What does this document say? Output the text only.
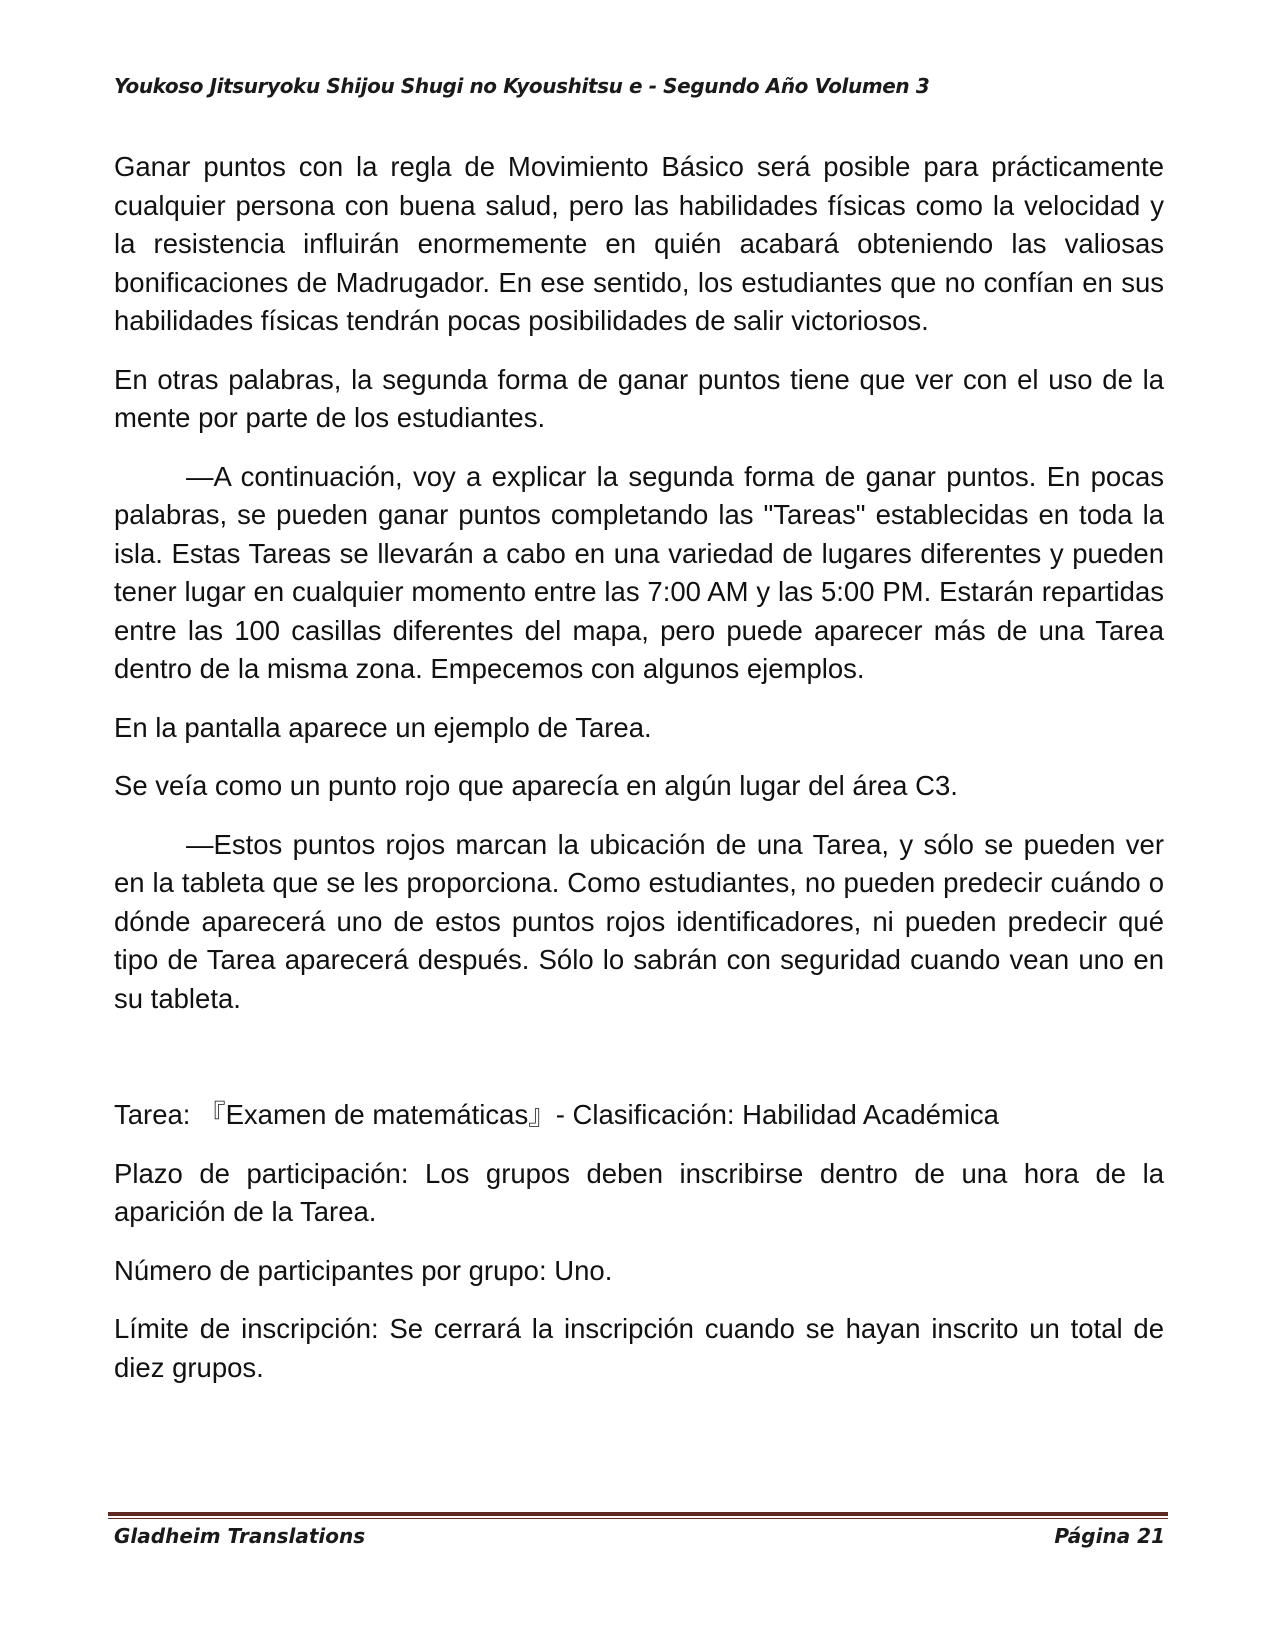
Youkoso Jitsuryoku Shijou Shugi no Kyoushitsu e - Segundo Año Volumen 3

Ganar puntos con la regla de Movimiento Básico será posible para prácticamente cualquier persona con buena salud, pero las habilidades físicas como la velocidad y la resistencia influirán enormemente en quién acabará obteniendo las valiosas bonificaciones de Madrugador. En ese sentido, los estudiantes que no confían en sus habilidades físicas tendrán pocas posibilidades de salir victoriosos.

En otras palabras, la segunda forma de ganar puntos tiene que ver con el uso de la mente por parte de los estudiantes.

—A continuación, voy a explicar la segunda forma de ganar puntos. En pocas palabras, se pueden ganar puntos completando las "Tareas" establecidas en toda la isla. Estas Tareas se llevarán a cabo en una variedad de lugares diferentes y pueden tener lugar en cualquier momento entre las 7:00 AM y las 5:00 PM. Estarán repartidas entre las 100 casillas diferentes del mapa, pero puede aparecer más de una Tarea dentro de la misma zona. Empecemos con algunos ejemplos.

En la pantalla aparece un ejemplo de Tarea.

Se veía como un punto rojo que aparecía en algún lugar del área C3.

—Estos puntos rojos marcan la ubicación de una Tarea, y sólo se pueden ver en la tableta que se les proporciona. Como estudiantes, no pueden predecir cuándo o dónde aparecerá uno de estos puntos rojos identificadores, ni pueden predecir qué tipo de Tarea aparecerá después. Sólo lo sabrán con seguridad cuando vean uno en su tableta.

Tarea: 『Examen de matemáticas』- Clasificación: Habilidad Académica

Plazo de participación: Los grupos deben inscribirse dentro de una hora de la aparición de la Tarea.

Número de participantes por grupo: Uno.

Límite de inscripción: Se cerrará la inscripción cuando se hayan inscrito un total de diez grupos.

Gladheim Translations	Página 21
